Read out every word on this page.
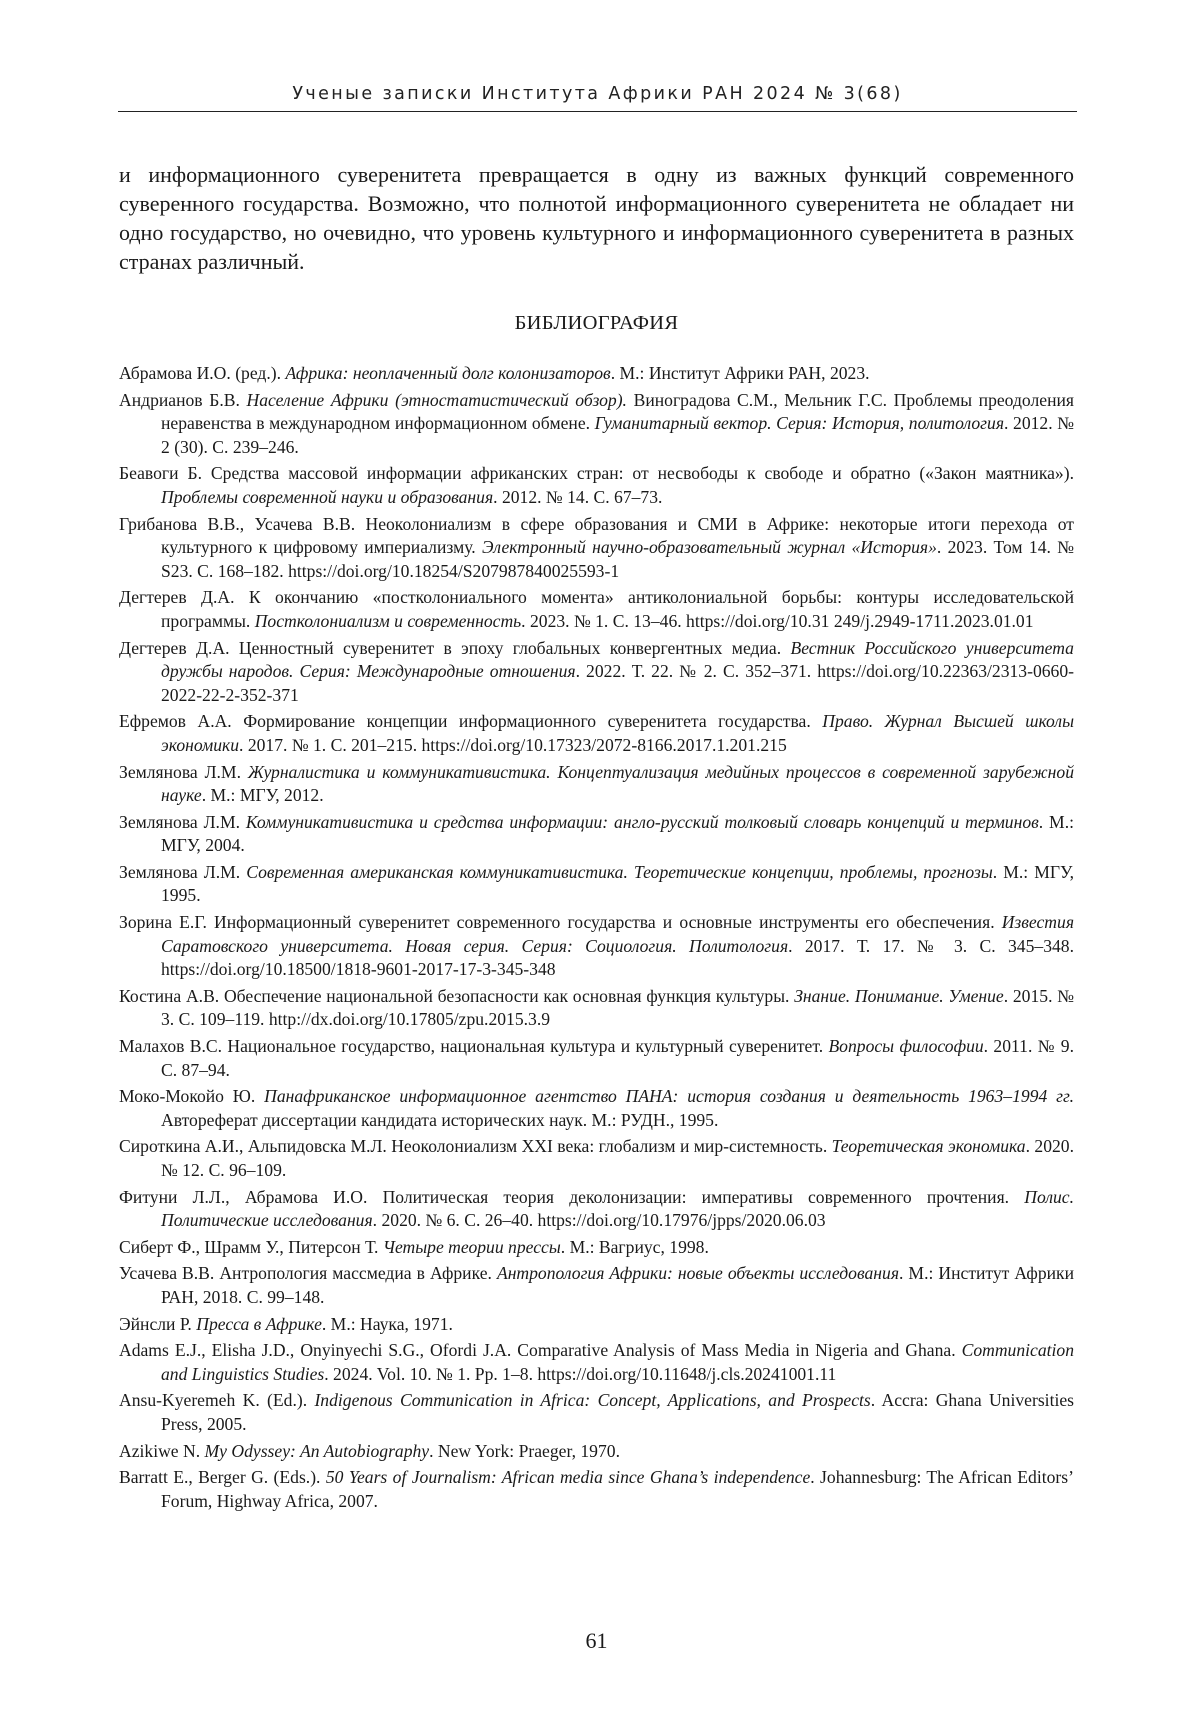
Ученые записки Института Африки РАН 2024 № 3(68)

и информационного суверенитета превращается в одну из важных функций современного суверенного государства. Возможно, что полнотой информационного суверенитета не обладает ни одно государство, но очевидно, что уровень культурного и информационного суверенитета в разных странах различный.

БИБЛИОГРАФИЯ
Абрамова И.О. (ред.). Африка: неоплаченный долг колонизаторов. М.: Институт Африки РАН, 2023.
Андрианов Б.В. Население Африки (этностатистический обзор). Виноградова С.М., Мельник Г.С. Проблемы преодоления неравенства в международном информационном обмене. Гуманитарный вектор. Серия: История, политология. 2012. № 2 (30). С. 239–246.
Беавоги Б. Средства массовой информации африканских стран: от несвободы к свободе и обратно («Закон маятника»). Проблемы современной науки и образования. 2012. № 14. С. 67–73.
Грибанова В.В., Усачева В.В. Неоколониализм в сфере образования и СМИ в Африке: некоторые итоги перехода от культурного к цифровому империализму. Электронный научно-образовательный журнал «История». 2023. Том 14. № S23. С. 168–182. https://doi.org/10.18254/S207987840025593-1
Дегтерев Д.А. К окончанию «постколониального момента» антиколониальной борьбы: контуры исследовательской программы. Постколониализм и современность. 2023. № 1. С. 13–46. https://doi.org/10.31 249/j.2949-1711.2023.01.01
Дегтерев Д.А. Ценностный суверенитет в эпоху глобальных конвергентных медиа. Вестник Российского университета дружбы народов. Серия: Международные отношения. 2022. Т. 22. № 2. С. 352–371. https://doi.org/10.22363/2313-0660-2022-22-2-352-371
Ефремов А.А. Формирование концепции информационного суверенитета государства. Право. Журнал Высшей школы экономики. 2017. № 1. С. 201–215. https://doi.org/10.17323/2072-8166.2017.1.201.215
Землянова Л.М. Журналистика и коммуникативистика. Концептуализация медийных процессов в современной зарубежной науке. М.: МГУ, 2012.
Землянова Л.М. Коммуникативистика и средства информации: англо-русский толковый словарь концепций и терминов. М.: МГУ, 2004.
Землянова Л.М. Современная американская коммуникативистика. Теоретические концепции, проблемы, прогнозы. М.: МГУ, 1995.
Зорина Е.Г. Информационный суверенитет современного государства и основные инструменты его обеспечения. Известия Саратовского университета. Новая серия. Серия: Социология. Политология. 2017. Т. 17. № 3. С. 345–348. https://doi.org/10.18500/1818-9601-2017-17-3-345-348
Костина А.В. Обеспечение национальной безопасности как основная функция культуры. Знание. Понимание. Умение. 2015. № 3. С. 109–119. http://dx.doi.org/10.17805/zpu.2015.3.9
Малахов В.С. Национальное государство, национальная культура и культурный суверенитет. Вопросы философии. 2011. № 9. С. 87–94.
Моко-Мокойо Ю. Панафриканское информационное агентство ПАНА: история создания и деятельность 1963–1994 гг. Автореферат диссертации кандидата исторических наук. М.: РУДН., 1995.
Сироткина А.И., Альпидовска М.Л. Неоколониализм XXI века: глобализм и мир-системность. Теоретическая экономика. 2020. № 12. С. 96–109.
Фитуни Л.Л., Абрамова И.О. Политическая теория деколонизации: императивы современного прочтения. Полис. Политические исследования. 2020. № 6. С. 26–40. https://doi.org/10.17976/jpps/2020.06.03
Сиберт Ф., Шрамм У., Питерсон Т. Четыре теории прессы. М.: Вагриус, 1998.
Усачева В.В. Антропология массмедиа в Африке. Антропология Африки: новые объекты исследования. М.: Институт Африки РАН, 2018. С. 99–148.
Эйнсли Р. Пресса в Африке. М.: Наука, 1971.
Adams E.J., Elisha J.D., Onyinyechi S.G., Ofordi J.A. Comparative Analysis of Mass Media in Nigeria and Ghana. Communication and Linguistics Studies. 2024. Vol. 10. № 1. Pp. 1–8. https://doi.org/10.11648/j.cls.20241001.11
Ansu-Kyeremeh K. (Ed.). Indigenous Communication in Africa: Concept, Applications, and Prospects. Accra: Ghana Universities Press, 2005.
Azikiwe N. My Odyssey: An Autobiography. New York: Praeger, 1970.
Barratt E., Berger G. (Eds.). 50 Years of Journalism: African media since Ghana’s independence. Johannesburg: The African Editors’ Forum, Highway Africa, 2007.
61
